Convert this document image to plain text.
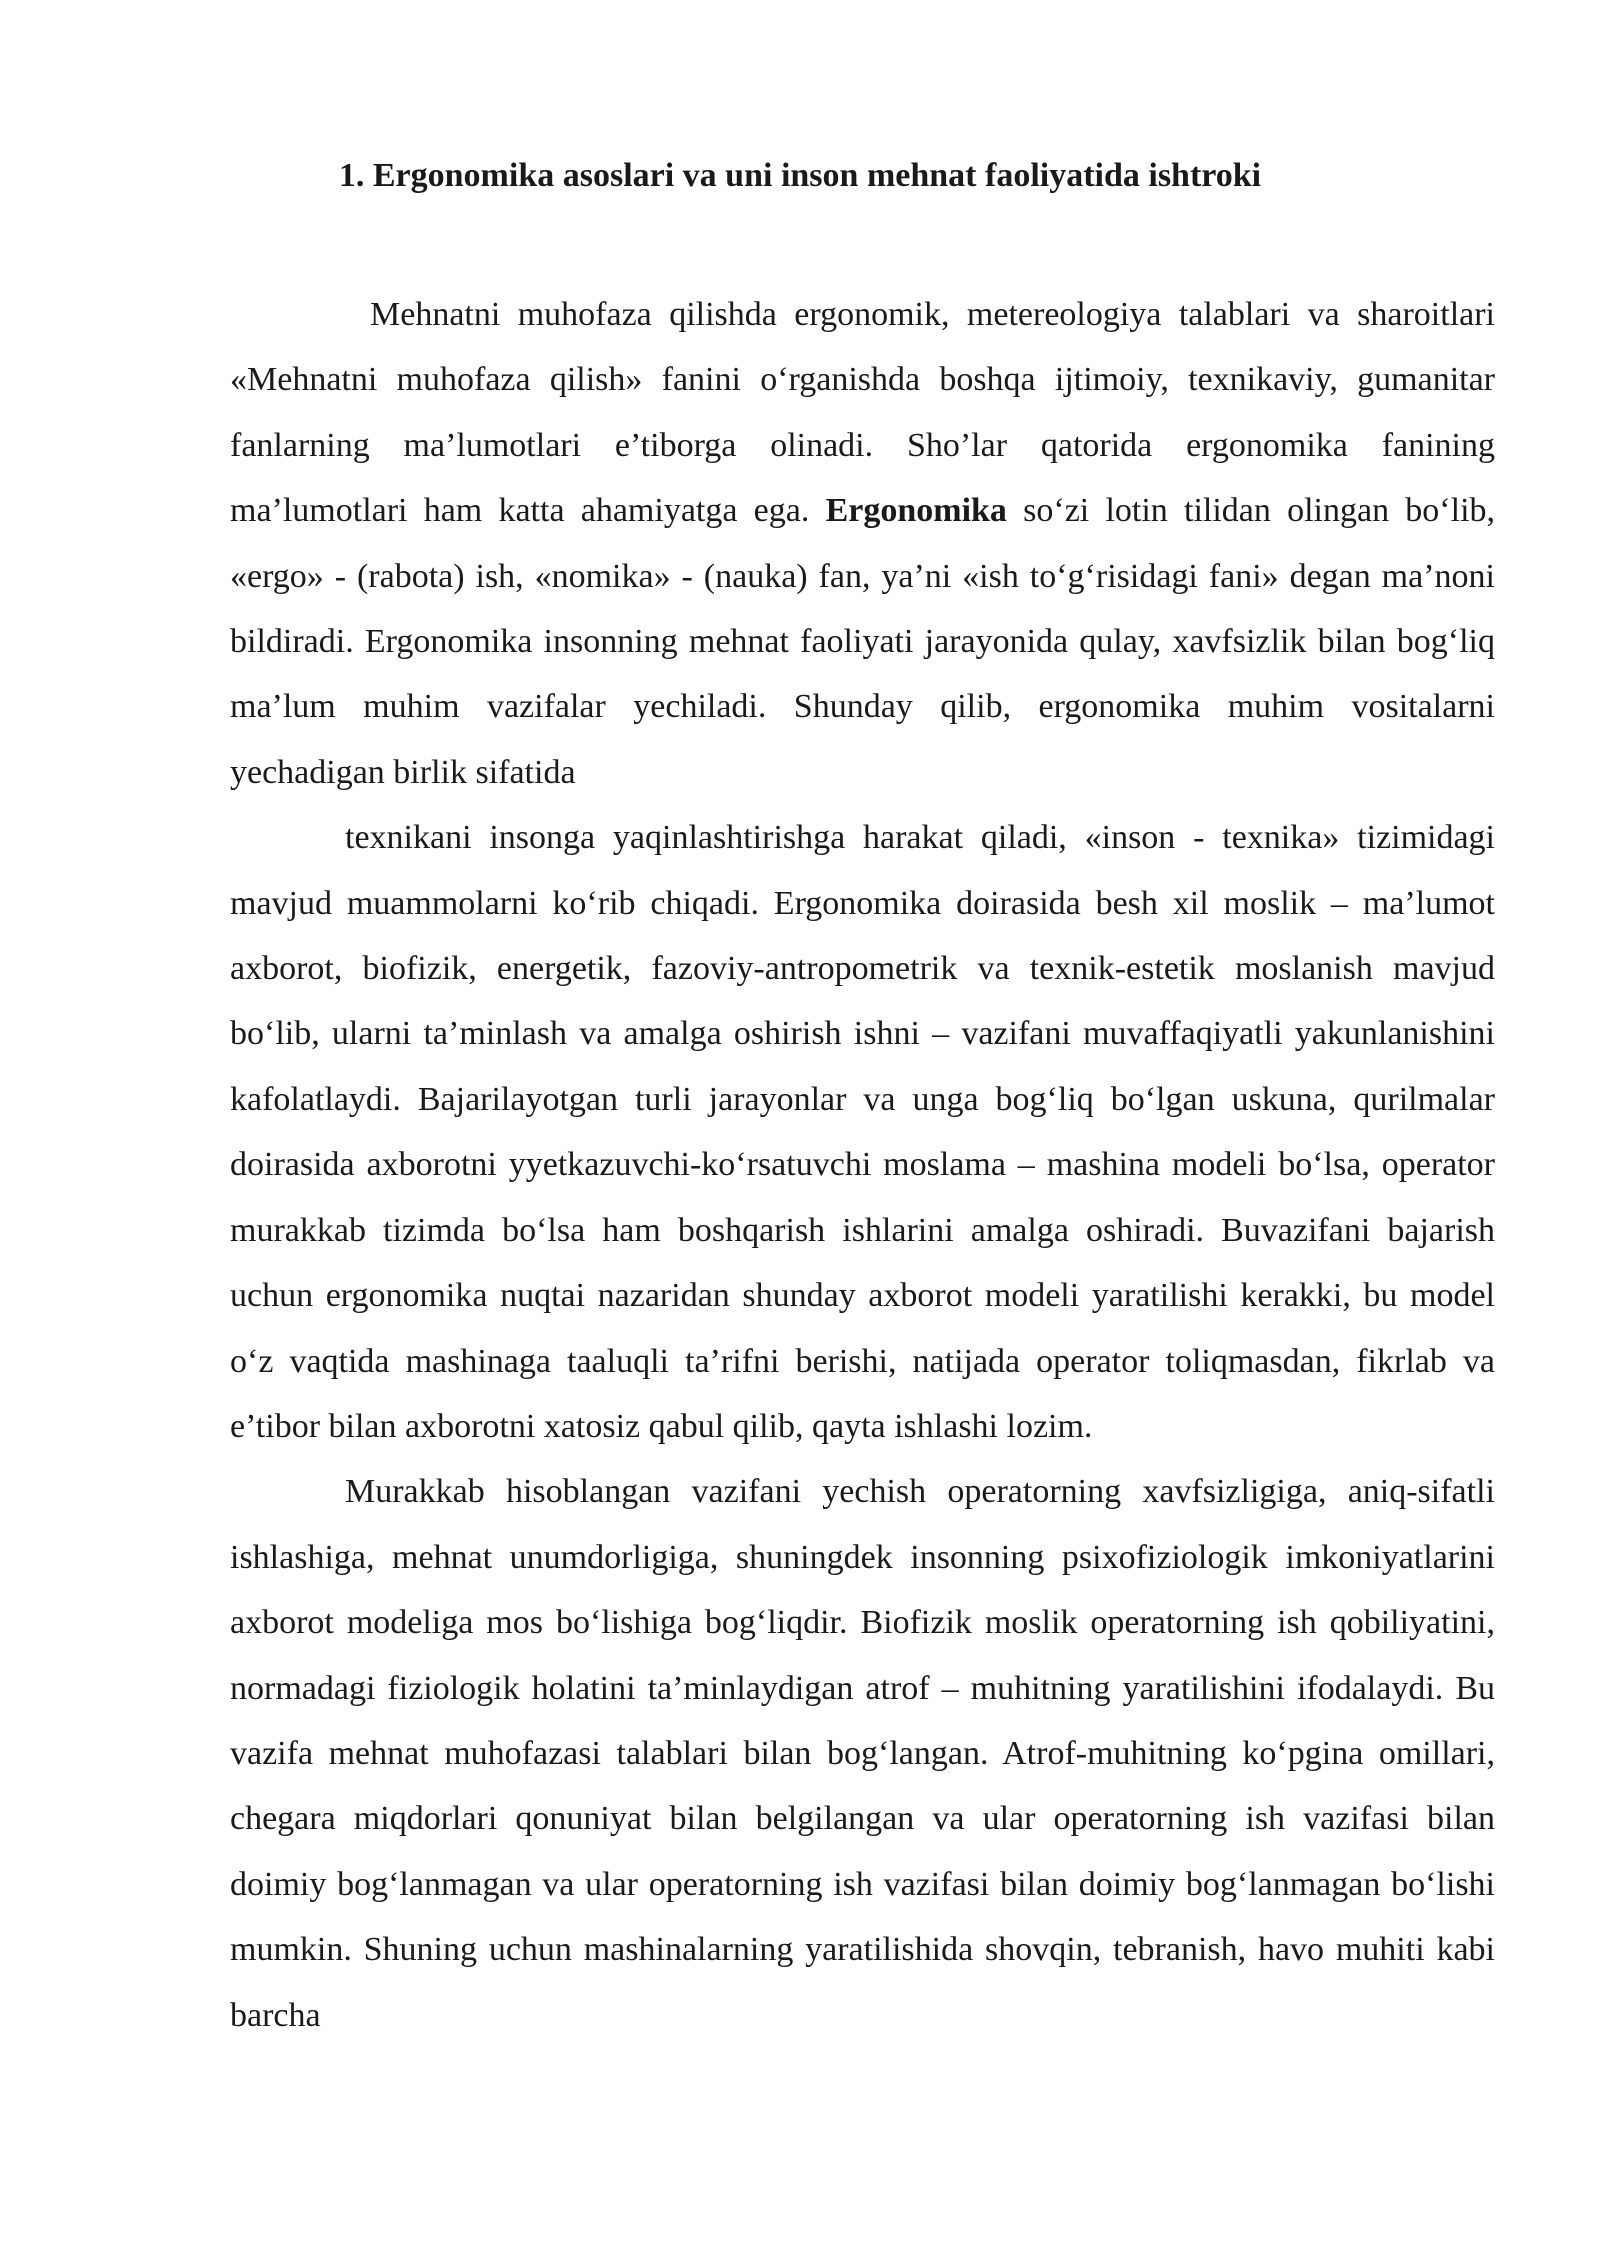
1. Ergonomika asoslari va uni inson mehnat faoliyatida ishtroki

Mehnatni muhofaza qilishda ergonomik, metereologiya talablari va sharoitlari «Mehnatni muhofaza qilish» fanini o‘rganishda boshqa ijtimoiy, texnikaviy, gumanitar fanlarning ma’lumotlari e’tiborga olinadi. Sho’lar qatorida ergonomika fanining ma’lumotlari ham katta ahamiyatga ega. Ergonomika so‘zi lotin tilidan olingan bo‘lib, «ergo» - (rabota) ish, «nomika» - (nauka) fan, ya’ni «ish to‘g‘risidagi fani» degan ma’noni bildiradi. Ergonomika insonning mehnat faoliyati jarayonida qulay, xavfsizlik bilan bog‘liq ma’lum muhim vazifalar yechiladi. Shunday qilib, ergonomika muhim vositalarni yechadigan birlik sifatida

texnikani insonga yaqinlashtirishga harakat qiladi, «inson - texnika» tizimidagi mavjud muammolarni ko‘rib chiqadi. Ergonomika doirasida besh xil moslik – ma’lumot axborot, biofizik, energetik, fazoviy-antropometrik va texnik-estetik moslanish mavjud bo‘lib, ularni ta’minlash va amalga oshirish ishni – vazifani muvaffaqiyatli yakunlanishini kafolatlaydi. Bajarilayotgan turli jarayonlar va unga bog‘liq bo‘lgan uskuna, qurilmalar doirasida axborotni yyetkazuvchi-ko‘rsatuvchi moslama – mashina modeli bo‘lsa, operator murakkab tizimda bo‘lsa ham boshqarish ishlarini amalga oshiradi. Buvazifani bajarish uchun ergonomika nuqtai nazaridan shunday axborot modeli yaratilishi kerakki, bu model o‘z vaqtida mashinaga taaluqli ta’rifni berishi, natijada operator toliqmasdan, fikrlab va e’tibor bilan axborotni xatosiz qabul qilib, qayta ishlashi lozim.

Murakkab hisoblangan vazifani yechish operatorning xavfsizligiga, aniq-sifatli ishlashiga, mehnat unumdorligiga, shuningdek insonning psixofiziologik imkoniyatlarini axborot modeliga mos bo‘lishiga bog‘liqdir. Biofizik moslik operatorning ish qobiliyatini, normadagi fiziologik holatini ta’minlaydigan atrof – muhitning yaratilishini ifodalaydi. Bu vazifa mehnat muhofazasi talablari bilan bog‘langan. Atrof-muhitning ko‘pgina omillari, chegara miqdorlari qonuniyat bilan belgilangan va ular operatorning ish vazifasi bilan doimiy bog‘lanmagan va ular operatorning ish vazifasi bilan doimiy bog‘lanmagan bo‘lishi mumkin. Shuning uchun mashinalarning yaratilishida shovqin, tebranish, havo muhiti kabi barcha
